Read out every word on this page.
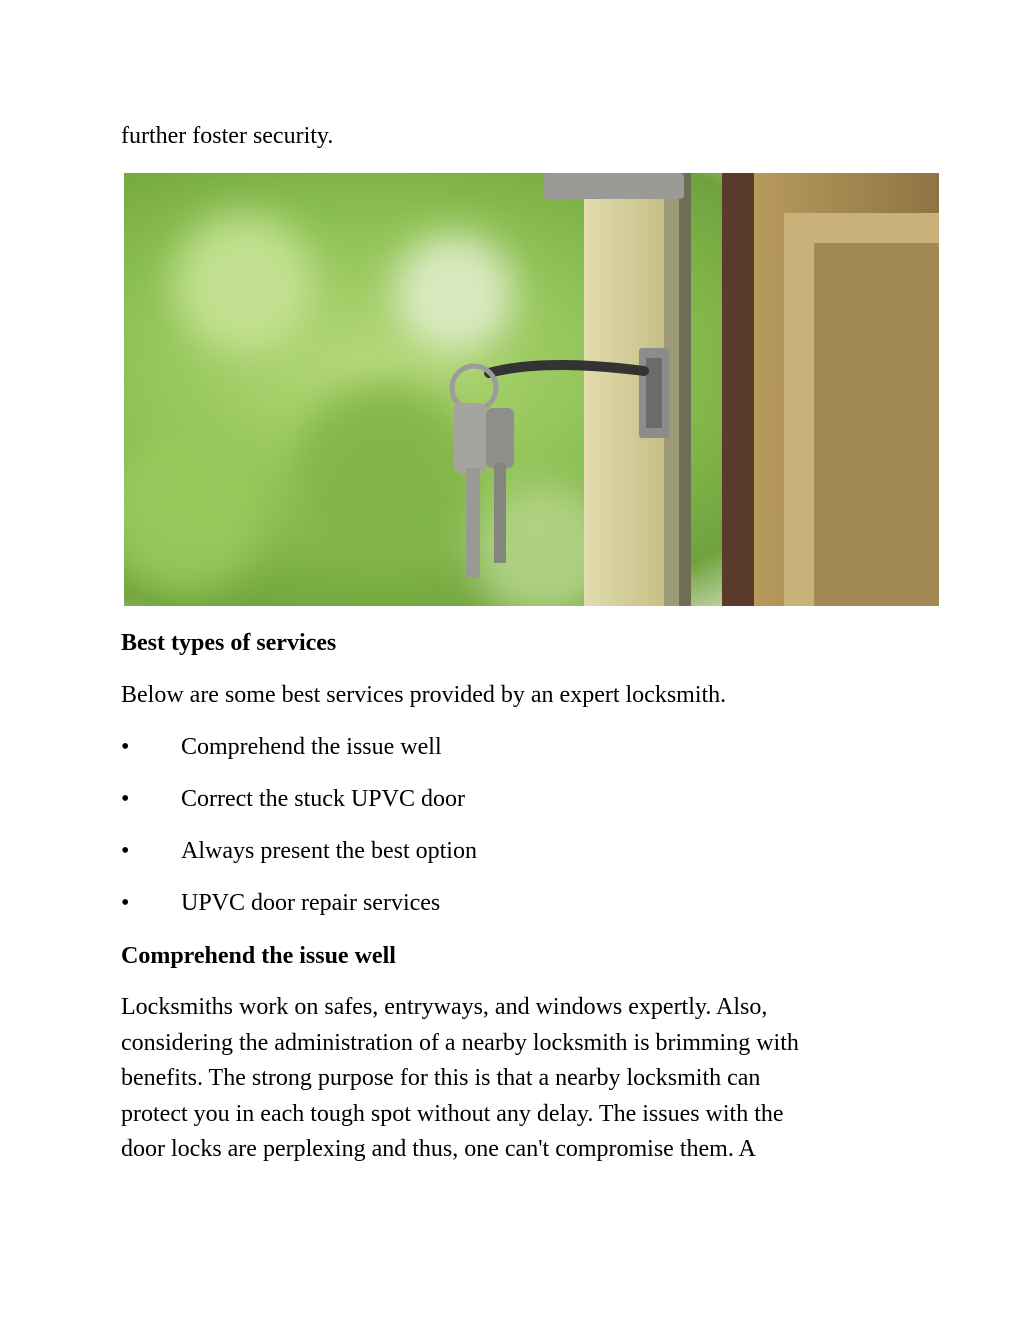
further foster security.
Best types of services
Below are some best services provided by an expert locksmith.
• Comprehend the issue well
• Correct the stuck UPVC door
• Always present the best option
• UPVC door repair services
Comprehend the issue well
Locksmiths work on safes, entryways, and windows expertly. Also,
considering the administration of a nearby locksmith is brimming with
benefits. The strong purpose for this is that a nearby locksmith can
protect you in each tough spot without any delay. The issues with the
door locks are perplexing and thus, one can't compromise them. A
